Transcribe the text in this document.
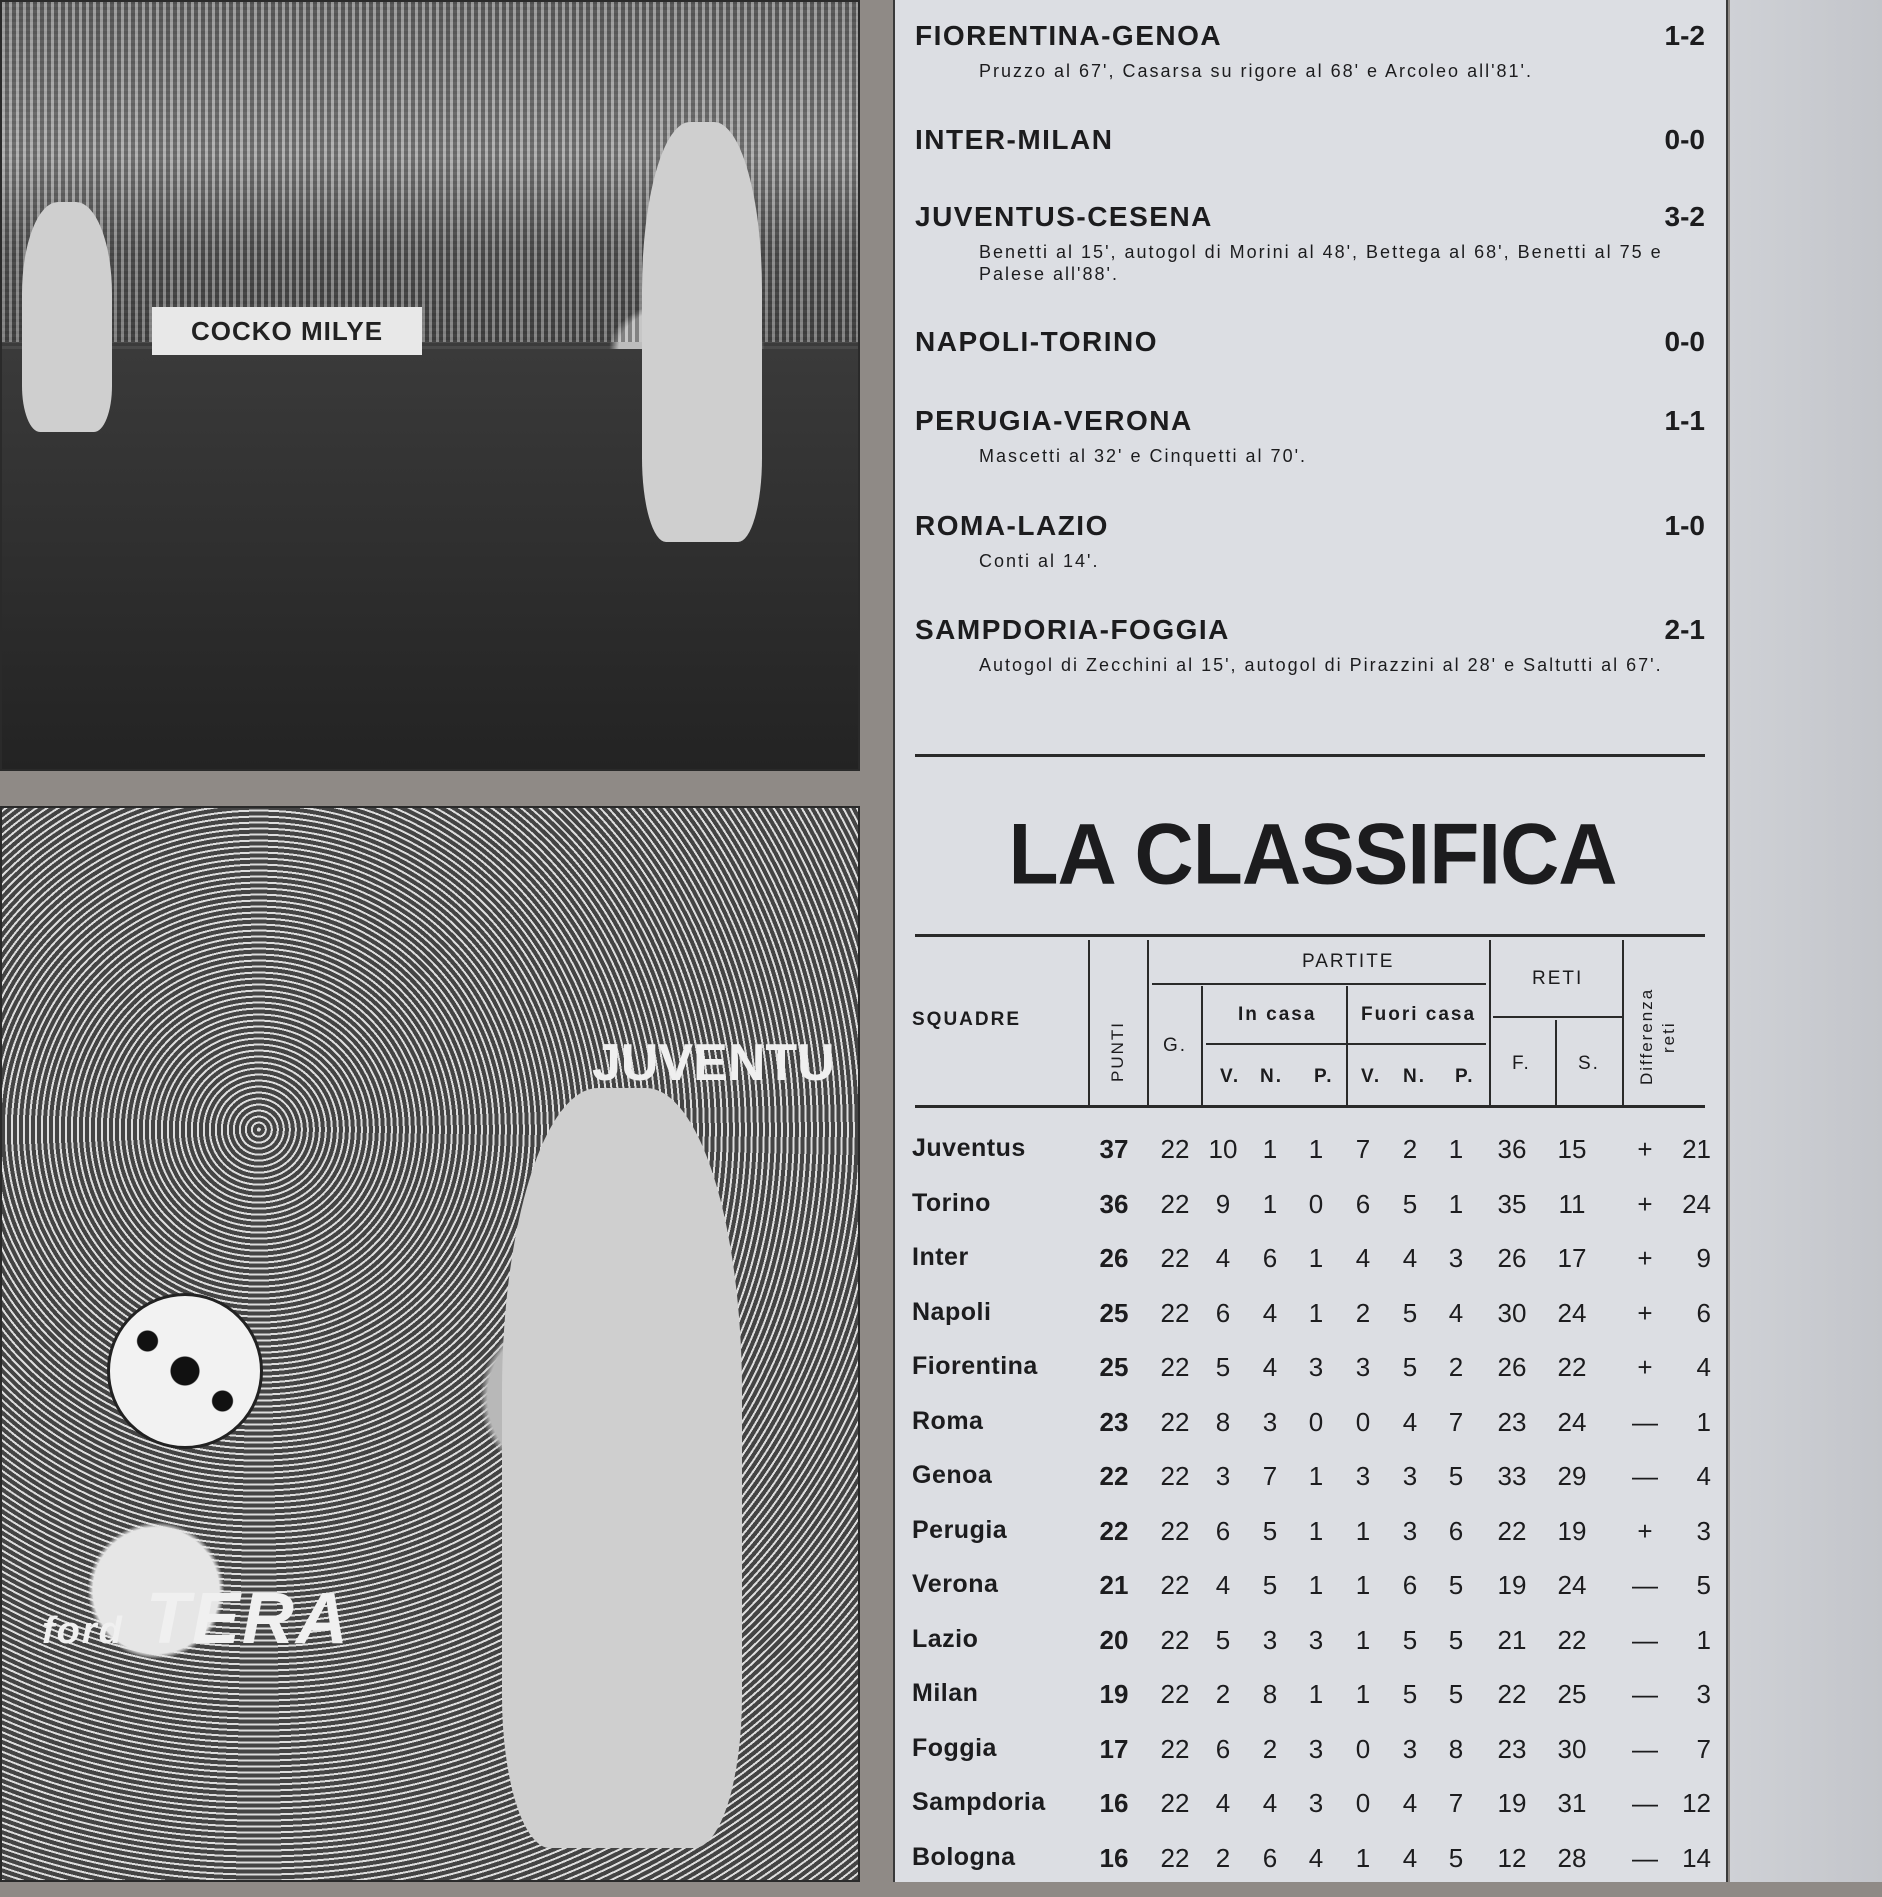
COCKO MILYE
JUVENTU
ford TERA
FIORENTINA-GENOA	1-2
Pruzzo al 67', Casarsa su rigore al 68' e Arcoleo all'81'.
INTER-MILAN	0-0
JUVENTUS-CESENA	3-2
Benetti al 15', autogol di Morini al 48', Bettega al 68', Benetti al 75 e Palese all'88'.
NAPOLI-TORINO	0-0
PERUGIA-VERONA	1-1
Mascetti al 32' e Cinquetti al 70'.
ROMA-LAZIO	1-0
Conti al 14'.
SAMPDORIA-FOGGIA	2-1
Autogol di Zecchini al 15', autogol di Pirazzini al 28' e Saltutti al 67'.
LA CLASSIFICA
SQUADRE
PUNTI
PARTITE
G.
In casa Fuori casa
V. N. P. V. N. P.
RETI
F. S. Differenza reti
Juventus	37	22 10 1	1	7	2	1	36 15	+	21
Torino	36	22	9	1	0	6	5	1	35	11	+	24
Inter	26	22	4	6	1	4	4	3	26 17	+	9
Napoli	25	22	6	4	1	2	5	4	30 24	+	6
Fiorentina	25	22	5	4	3	3	5	2	26 22	+	4
Roma	23	22	8	3	0	0	4	7	23 24	—	1
Genoa	22	22	3	7	1	3	3	5	33 29	—	4
Perugia	22	22	6	5	1	1	3	6	22 19	+	3
Verona	21	22	4	5	1	1	6	5	19 24	—	5
Lazio	20	22	5	3	3	1	5	5	21 22	—	1
Milan	19	22	2	8	1	1	5	5	22 25	—	3
Foggia	17	22	6	2	3	0	3	8	23 30	—	7
Sampdoria	16	22	4	4	3	0	4	7	19 31	— 12
Bologna	16	22	2	6	4	1	4	5	12 28	— 14
